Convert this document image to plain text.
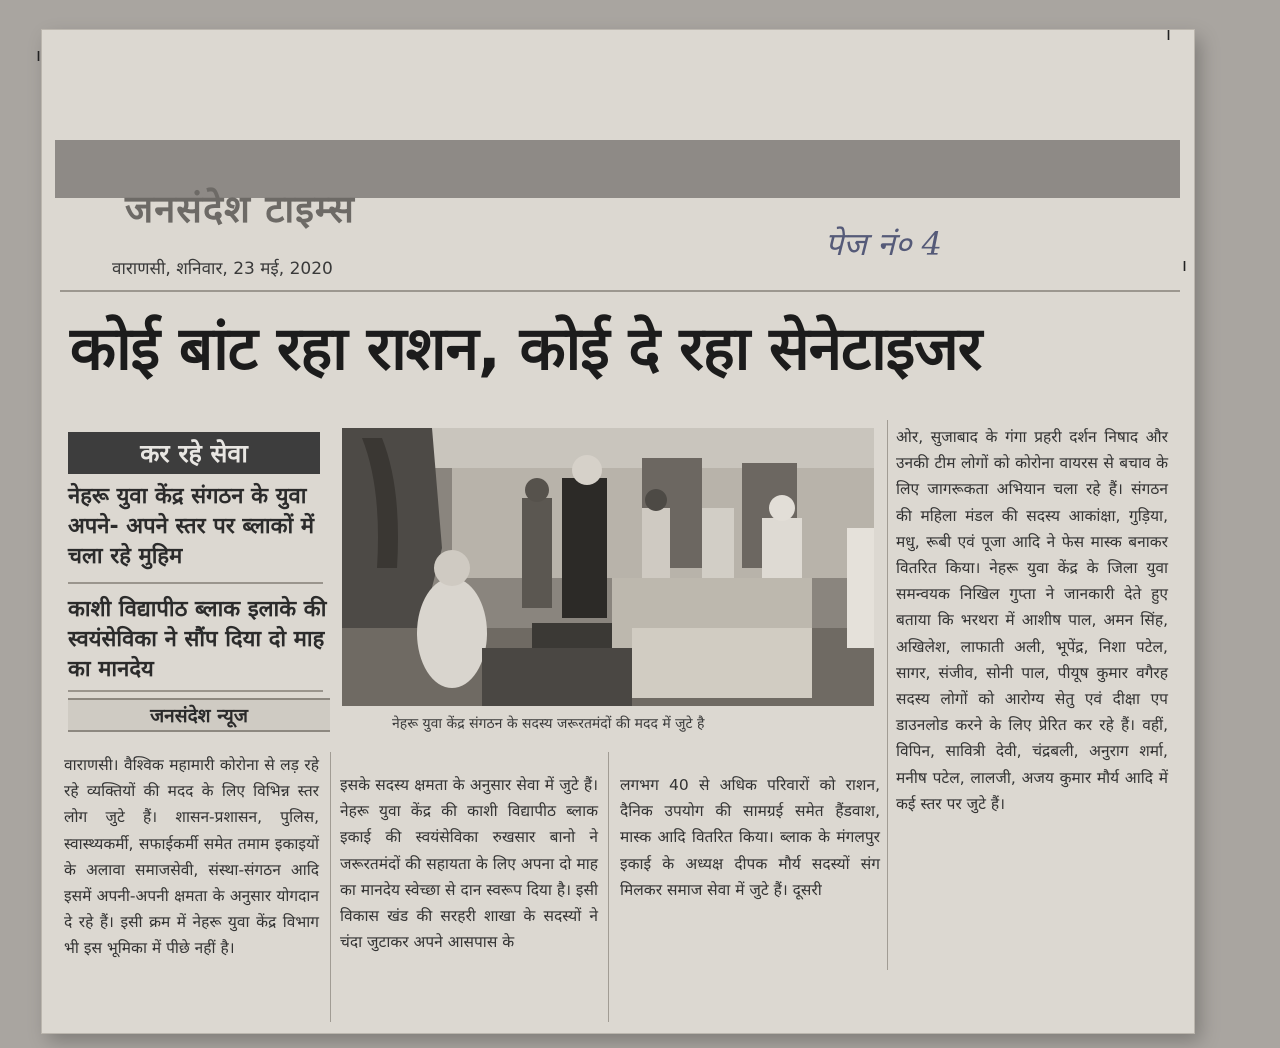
जनसंदेश टाइम्स
वाराणसी, शनिवार, 23 मई, 2020
पेज नं० 4
कोई बांट रहा राशन, कोई दे रहा सेनेटाइजर
कर रहे सेवा
नेहरू युवा केंद्र संगठन के युवा अपने- अपने स्तर पर ब्लाकों में चला रहे मुहिम
काशी विद्यापीठ ब्लाक इलाके की स्वयंसेविका ने सौंप दिया दो माह का मानदेय
जनसंदेश न्यूज	नेहरू युवा केंद्र संगठन के सदस्य जरूरतमंदों की मदद में जुटे है

वाराणसी। वैश्विक महामारी कोरोना से लड़ रहे रहे व्यक्तियों की मदद के लिए विभिन्न स्तर लोग जुटे हैं। शासन-प्रशासन, पुलिस, स्वास्थ्यकर्मी, सफाईकर्मी समेत तमाम इकाइयों के अलावा समाजसेवी, संस्था-संगठन आदि इसमें अपनी-अपनी क्षमता के अनुसार योगदान दे रहे हैं। इसी क्रम में नेहरू युवा केंद्र विभाग भी इस भूमिका में पीछे नहीं है।

इसके सदस्य क्षमता के अनुसार सेवा में जुटे हैं। नेहरू युवा केंद्र की काशी विद्यापीठ ब्लाक इकाई की स्वयंसेविका रुखसार बानो ने जरूरतमंदों की सहायता के लिए अपना दो माह का मानदेय स्वेच्छा से दान स्वरूप दिया है। इसी विकास खंड की सरहरी शाखा के सदस्यों ने चंदा जुटाकर अपने आसपास के

लगभग 40 से अधिक परिवारों को राशन, दैनिक उपयोग की सामग्रई समेत हैंडवाश, मास्क आदि वितरित किया। ब्लाक के मंगलपुर इकाई के अध्यक्ष दीपक मौर्य सदस्यों संग मिलकर समाज सेवा में जुटे हैं। दूसरी

ओर, सुजाबाद के गंगा प्रहरी दर्शन निषाद और उनकी टीम लोगों को कोरोना वायरस से बचाव के लिए जागरूकता अभियान चला रहे हैं। संगठन की महिला मंडल की सदस्य आकांक्षा, गुड़िया, मधु, रूबी एवं पूजा आदि ने फेस मास्क बनाकर वितरित किया। नेहरू युवा केंद्र के जिला युवा समन्वयक निखिल गुप्ता ने जानकारी देते हुए बताया कि भरथरा में आशीष पाल, अमन सिंह, अखिलेश, लाफाती अली, भूपेंद्र, निशा पटेल, सागर, संजीव, सोनी पाल, पीयूष कुमार वगैरह सदस्य लोगों को आरोग्य सेतु एवं दीक्षा एप डाउनलोड करने के लिए प्रेरित कर रहे हैं। वहीं, विपिन, सावित्री देवी, चंद्रबली, अनुराग शर्मा, मनीष पटेल, लालजी, अजय कुमार मौर्य आदि में कई स्तर पर जुटे हैं।

ı
ı
ı
